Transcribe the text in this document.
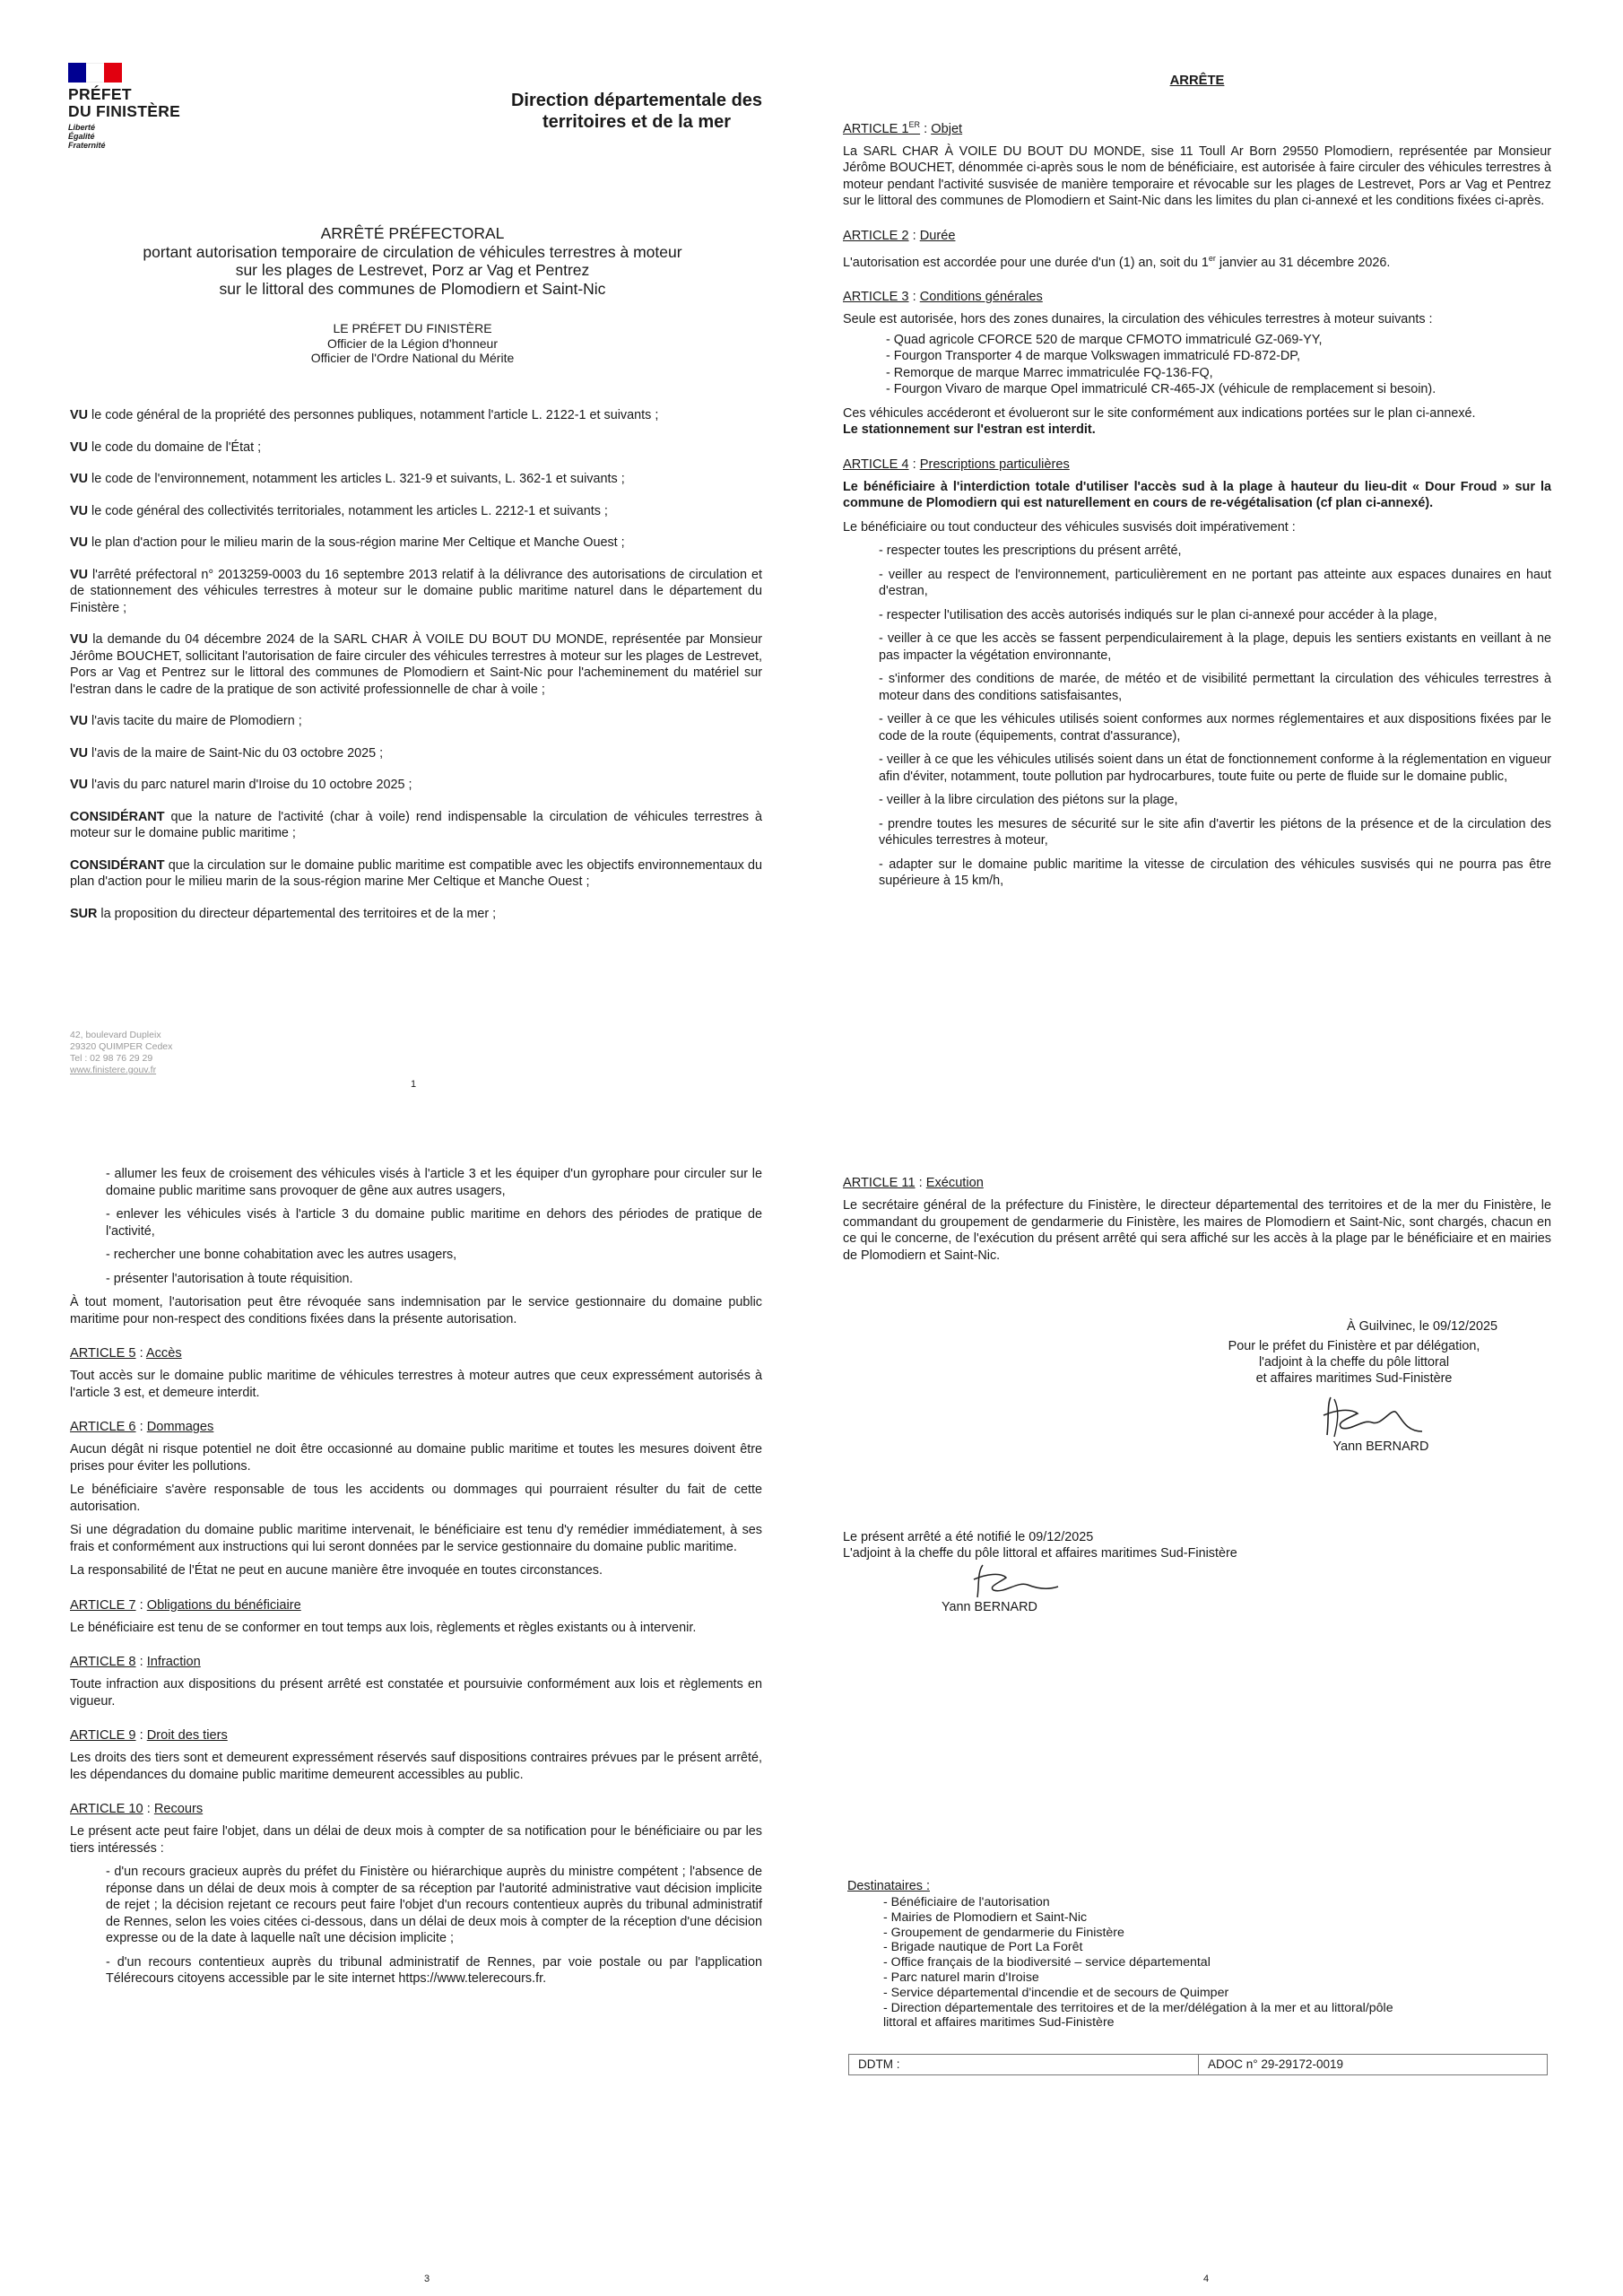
PRÉFET
DU FINISTÈRE
Liberté
Égalité
Fraternité
Direction départementale des territoires et de la mer
ARRÊTÉ PRÉFECTORAL
portant autorisation temporaire de circulation de véhicules terrestres à moteur
sur les plages de Lestrevet, Porz ar Vag et Pentrez
sur le littoral des communes de Plomodiern et Saint-Nic
LE PRÉFET DU FINISTÈRE
Officier de la Légion d'honneur
Officier de l'Ordre National du Mérite

VU le code général de la propriété des personnes publiques, notamment l'article L. 2122-1 et suivants ;

VU le code du domaine de l'État ;

VU le code de l'environnement, notamment les articles L. 321-9 et suivants, L. 362-1 et suivants ;

VU le code général des collectivités territoriales, notamment les articles L. 2212-1 et suivants ;

VU le plan d'action pour le milieu marin de la sous-région marine Mer Celtique et Manche Ouest ;

VU l'arrêté préfectoral n° 2013259-0003 du 16 septembre 2013 relatif à la délivrance des autorisations de circulation et de stationnement des véhicules terrestres à moteur sur le domaine public maritime naturel dans le département du Finistère ;

VU la demande du 04 décembre 2024 de la SARL CHAR À VOILE DU BOUT DU MONDE, représentée par Monsieur Jérôme BOUCHET, sollicitant l'autorisation de faire circuler des véhicules terrestres à moteur sur les plages de Lestrevet, Pors ar Vag et Pentrez sur le littoral des communes de Plomodiern et Saint-Nic pour l'acheminement du matériel sur l'estran dans le cadre de la pratique de son activité professionnelle de char à voile ;

VU l'avis tacite du maire de Plomodiern ;

VU l'avis de la maire de Saint-Nic du 03 octobre 2025 ;

VU l'avis du parc naturel marin d'Iroise du 10 octobre 2025 ;

CONSIDÉRANT que la nature de l'activité (char à voile) rend indispensable la circulation de véhicules terrestres à moteur sur le domaine public maritime ;

CONSIDÉRANT que la circulation sur le domaine public maritime est compatible avec les objectifs environnementaux du plan d'action pour le milieu marin de la sous-région marine Mer Celtique et Manche Ouest ;

SUR la proposition du directeur départemental des territoires et de la mer ;

42, boulevard Dupleix
29320 QUIMPER Cedex
Tel : 02 98 76 29 29
www.finistere.gouv.fr
1
ARRÊTE
ARTICLE 1ER : Objet

La SARL CHAR À VOILE DU BOUT DU MONDE, sise 11 Toull Ar Born 29550 Plomodiern, représentée par Monsieur Jérôme BOUCHET, dénommée ci-après sous le nom de bénéficiaire, est autorisée à faire circuler des véhicules terrestres à moteur pendant l'activité susvisée de manière temporaire et révocable sur les plages de Lestrevet, Pors ar Vag et Pentrez sur le littoral des communes de Plomodiern et Saint-Nic dans les limites du plan ci-annexé et les conditions fixées ci-après.

ARTICLE 2 : Durée

L'autorisation est accordée pour une durée d'un (1) an, soit du 1er janvier au 31 décembre 2026.

ARTICLE 3 : Conditions générales

Seule est autorisée, hors des zones dunaires, la circulation des véhicules terrestres à moteur suivants :

- Quad agricole CFORCE 520 de marque CFMOTO immatriculé GZ-069-YY,
- Fourgon Transporter 4 de marque Volkswagen immatriculé FD-872-DP,
- Remorque de marque Marrec immatriculée FQ-136-FQ,
- Fourgon Vivaro de marque Opel immatriculé CR-465-JX (véhicule de remplacement si besoin).

Ces véhicules accéderont et évolueront sur le site conformément aux indications portées sur le plan ci-annexé.

Le stationnement sur l'estran est interdit.

ARTICLE 4 : Prescriptions particulières

Le bénéficiaire à l'interdiction totale d'utiliser l'accès sud à la plage à hauteur du lieu-dit « Dour Froud » sur la commune de Plomodiern qui est naturellement en cours de re-végétalisation (cf plan ci-annexé).

Le bénéficiaire ou tout conducteur des véhicules susvisés doit impérativement :

- respecter toutes les prescriptions du présent arrêté,
- veiller au respect de l'environnement, particulièrement en ne portant pas atteinte aux espaces dunaires en haut d'estran,
- respecter l'utilisation des accès autorisés indiqués sur le plan ci-annexé pour accéder à la plage,
- veiller à ce que les accès se fassent perpendiculairement à la plage, depuis les sentiers existants en veillant à ne pas impacter la végétation environnante,
- s'informer des conditions de marée, de météo et de visibilité permettant la circulation des véhicules terrestres à moteur dans des conditions satisfaisantes,
- veiller à ce que les véhicules utilisés soient conformes aux normes réglementaires et aux dispositions fixées par le code de la route (équipements, contrat d'assurance),
- veiller à ce que les véhicules utilisés soient dans un état de fonctionnement conforme à la réglementation en vigueur afin d'éviter, notamment, toute pollution par hydrocarbures, toute fuite ou perte de fluide sur le domaine public,
- veiller à la libre circulation des piétons sur la plage,
- prendre toutes les mesures de sécurité sur le site afin d'avertir les piétons de la présence et de la circulation des véhicules terrestres à moteur,
- adapter sur le domaine public maritime la vitesse de circulation des véhicules susvisés qui ne pourra pas être supérieure à 15 km/h,
- allumer les feux de croisement des véhicules visés à l'article 3 et les équiper d'un gyrophare pour circuler sur le domaine public maritime sans provoquer de gêne aux autres usagers,
- enlever les véhicules visés à l'article 3 du domaine public maritime en dehors des périodes de pratique de l'activité,
- rechercher une bonne cohabitation avec les autres usagers,
- présenter l'autorisation à toute réquisition.

À tout moment, l'autorisation peut être révoquée sans indemnisation par le service gestionnaire du domaine public maritime pour non-respect des conditions fixées dans la présente autorisation.

ARTICLE 5 : Accès

Tout accès sur le domaine public maritime de véhicules terrestres à moteur autres que ceux expressément autorisés à l'article 3 est, et demeure interdit.

ARTICLE 6 : Dommages

Aucun dégât ni risque potentiel ne doit être occasionné au domaine public maritime et toutes les mesures doivent être prises pour éviter les pollutions.

Le bénéficiaire s'avère responsable de tous les accidents ou dommages qui pourraient résulter du fait de cette autorisation.

Si une dégradation du domaine public maritime intervenait, le bénéficiaire est tenu d'y remédier immédiatement, à ses frais et conformément aux instructions qui lui seront données par le service gestionnaire du domaine public maritime.

La responsabilité de l'État ne peut en aucune manière être invoquée en toutes circonstances.

ARTICLE 7 : Obligations du bénéficiaire

Le bénéficiaire est tenu de se conformer en tout temps aux lois, règlements et règles existants ou à intervenir.

ARTICLE 8 : Infraction

Toute infraction aux dispositions du présent arrêté est constatée et poursuivie conformément aux lois et règlements en vigueur.

ARTICLE 9 : Droit des tiers

Les droits des tiers sont et demeurent expressément réservés sauf dispositions contraires prévues par le présent arrêté, les dépendances du domaine public maritime demeurent accessibles au public.

ARTICLE 10 : Recours

Le présent acte peut faire l'objet, dans un délai de deux mois à compter de sa notification pour le bénéficiaire ou par les tiers intéressés :

- d'un recours gracieux auprès du préfet du Finistère ou hiérarchique auprès du ministre compétent ; l'absence de réponse dans un délai de deux mois à compter de sa réception par l'autorité administrative vaut décision implicite de rejet ; la décision rejetant ce recours peut faire l'objet d'un recours contentieux auprès du tribunal administratif de Rennes, selon les voies citées ci-dessous, dans un délai de deux mois à compter de la réception d'une décision expresse ou de la date à laquelle naît une décision implicite ;
- d'un recours contentieux auprès du tribunal administratif de Rennes, par voie postale ou par l'application Télérecours citoyens accessible par le site internet https://www.telerecours.fr.
3
ARTICLE 11 : Exécution

Le secrétaire général de la préfecture du Finistère, le directeur départemental des territoires et de la mer du Finistère, le commandant du groupement de gendarmerie du Finistère, les maires de Plomodiern et Saint-Nic, sont chargés, chacun en ce qui le concerne, de l'exécution du présent arrêté qui sera affiché sur les accès à la plage par le bénéficiaire et en mairies de Plomodiern et Saint-Nic.

À Guilvinec, le 09/12/2025
Pour le préfet du Finistère et par délégation,
l'adjoint à la cheffe du pôle littoral
et affaires maritimes Sud-Finistère
Yann BERNARD
Le présent arrêté a été notifié le 09/12/2025
L'adjoint à la cheffe du pôle littoral et affaires maritimes Sud-Finistère
Yann BERNARD
Destinataires :
- Bénéficiaire de l'autorisation
- Mairies de Plomodiern et Saint-Nic
- Groupement de gendarmerie du Finistère
- Brigade nautique de Port La Forêt
- Office français de la biodiversité – service départemental
- Parc naturel marin d'Iroise
- Service départemental d'incendie et de secours de Quimper
- Direction départementale des territoires et de la mer/délégation à la mer et au littoral/pôle
littoral et affaires maritimes Sud-Finistère
DDTM :	ADOC n° 29-29172-0019
4
